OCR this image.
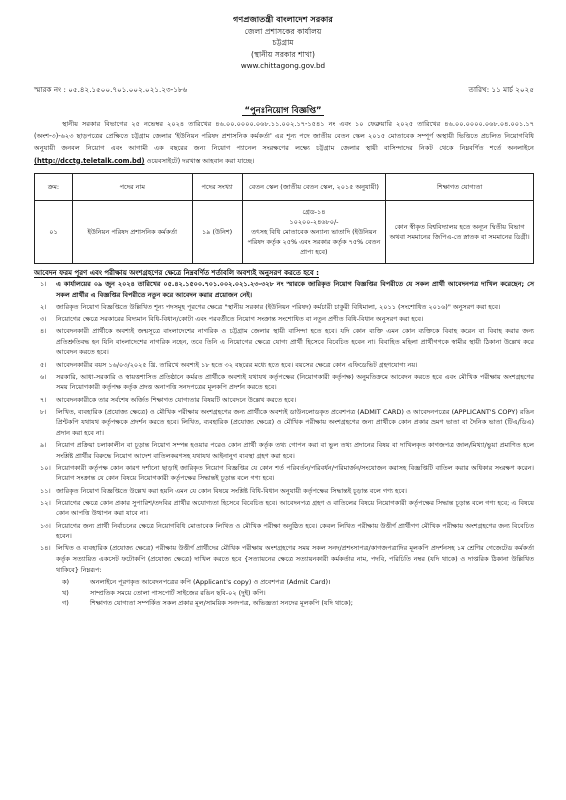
গণপ্রজাতন্ত্রী বাংলাদেশ সরকার
জেলা প্রশাসকের কার্যালয়
চট্টগ্রাম
(স্থানীয় সরকার শাখা)
www.chittagong.gov.bd
স্মারক নং : ০৫.৪২.১৫০০.৭০১.০০২.০২১.২৩-১৮৬	তারিখ: ১১ মার্চ ২০২৫
“পুনঃনিয়োগ বিজ্ঞপ্তি”
স্থানীয় সরকার বিভাগের ২৫ নভেম্বর ২০২৪ তারিখের ৪৬.০০.০০০০.০৬৮.১১.০০২.১৭-১৫৪১ নং এবং ১০ ফেব্রুয়ারি ২০২৫ তারিখের ৪৬.০০.০০০০.০৬৮.০৪.০০১.১৭ (অংশ-৩)-৬২৩ ছাড়পত্রের প্রেক্ষিতে চট্টগ্রাম জেলার 'ইউনিয়ন পরিষদ প্রশাসনিক কর্মকর্তা' এর শূন্য পদে জাতীয় বেতন স্কেল ২০১৫ মোতাবেক সম্পূর্ণ অস্থায়ী ভিত্তিতে প্রচলিত নিয়োগবিধি অনুযায়ী জনবল নিয়োগ এবং আগামী এক বছরের জন্য নিয়োগ প্যানেল সংরক্ষণের লক্ষ্যে চট্টগ্রাম জেলার স্থায়ী বাসিন্দাদের নিকট থেকে নিম্নবর্ণিত শর্তে অনলাইনে (http://dcctg.teletalk.com.bd) ওয়েবসাইটে) দরখাস্ত আহবান করা যাচ্ছে।
ক্রম:	পদের নাম	পদের সংখ্যা	বেতন স্কেল (জাতীয় বেতন স্কেল, ২০১৫ অনুযায়ী)	শিক্ষাগত যোগ্যতা
০১	ইউনিয়ন পরিষদ প্রশাসনিক কর্মকর্তা	১৯ (উনিশ)	গ্রেড-১৪
১০২০০-২৪৬৮০/-
তৎসহ বিধি মোতাবেক অন্যান্য ভাতাদি (ইউনিয়ন পরিষদ কর্তৃক ২৫% এবং সরকার কর্তৃক ৭৫% বেতন প্রাপ্য হবে)	কোন স্বীকৃত বিশ্ববিদ্যালয় হতে অন্যূন দ্বিতীয় বিভাগ অথবা সমমানের জিপিএ-তে স্নাতক বা সমমানের ডিগ্রী।
আবেদন ফরম পূরণ এবং পরীক্ষায় অংশগ্রহণের ক্ষেত্রে নিম্নবর্ণিত শর্তাবলি অবশ্যই অনুসরণ করতে হবে :
১।	এ কার্যালয়ের ০৯ জুন ২০২৪ তারিখের ০৫.৪২.১৫০০.৭০১.০০২.০২১.২৩-৩২৮ নং স্মারকে জারিকৃত নিয়োগ বিজ্ঞপ্তির বিপরীতে যে সকল প্রার্থী আবেদনপত্র দাখিল করেছেন; সে সকল প্রার্থীর এ বিজ্ঞপ্তির বিপরীতে নতুন করে আবেদন করার প্রয়োজন নেই।
২।	জারিকৃত নিয়োগ বিজ্ঞপ্তিতে উল্লিখিত শূন্য পদসমূহ পূরণের ক্ষেত্রে "স্থানীয় সরকার (ইউনিয়ন পরিষদ) কর্মচারী চাকুরী বিধিমালা, ২০১১ (সংশোধিত ২০১৬)" অনুসরণ করা হবে।
৩।	নিয়োগের ক্ষেত্রে সরকারের বিদ্যমান বিধি-বিধান/কোটা এবং পরবর্তীতে নিয়োগ সংক্রান্ত সংশোধিত বা নতুন প্রণীত বিধি-বিধান অনুসরণ করা হবে।
৪।	আবেদনকারী প্রার্থীকে অবশ্যই জন্মসূত্রে বাংলাদেশের নাগরিক ও চট্টগ্রাম জেলার স্থায়ী বাসিন্দা হতে হবে। যদি কোন ব্যক্তি এমন কোন ব্যক্তিকে বিবাহ করেন বা বিবাহ করার জন্য প্রতিশ্রুতিবদ্ধ হন যিনি বাংলাদেশের নাগরিক নহেন, তবে তিনি এ নিয়োগের ক্ষেত্রে যোগ্য প্রার্থী হিসেবে বিবেচিত হবেন না। বিবাহিত মহিলা প্রার্থীগণকে স্বামীর স্থায়ী ঠিকানা উল্লেখ করে আবেদন করতে হবে।
৫।	আবেদনকারীর বয়স ১৬/০৩/২০২৫ খ্রি. তারিখে অবশ্যই ১৮ হতে ৩২ বছরের মধ্যে হতে হবে। বয়সের ক্ষেত্রে কোন এফিডেভিট গ্রহণযোগ্য নয়।
৬।	সরকারি, আধা-সরকারি ও স্বায়ত্তশাসিত প্রতিষ্ঠানে কর্মরত প্রার্থীকে অবশ্যই যথাযথ কর্তৃপক্ষের (নিয়োগকারী কর্তৃপক্ষ) অনুমতিক্রমে আবেদন করতে হবে এবং মৌখিক পরীক্ষায় অংশগ্রহণের সময় নিয়োগকারী কর্তৃপক্ষ কর্তৃক প্রদত্ত অনাপত্তি সনদপত্রের মূলকপি প্রদর্শন করতে হবে।
৭।	আবেদনকারীকে তার সর্বশেষ অর্জিত শিক্ষাগত যোগ্যতার বিষয়টি আবেদনে উল্লেখ করতে হবে।
৮।	লিখিত, ব্যবহারিক (প্রযোজ্য ক্ষেত্রে) ও মৌখিক পরীক্ষায় অংশগ্রহণের জন্য প্রার্থীকে অবশ্যই ডাউনলোডকৃত প্রবেশপত্র (ADMIT CARD) ও আবেদনপত্রের (APPLICANT'S COPY) রঙিন প্রিন্টকপি যথাযথ কর্তৃপক্ষকে প্রদর্শন করতে হবে। লিখিত, ব্যবহারিক (প্রযোজ্য ক্ষেত্রে) ও মৌখিক পরীক্ষায় অংশগ্রহণের জন্য প্রার্থীকে কোন প্রকার ভ্রমণ ভাতা বা দৈনিক ভাতা (টিএ/ডিএ) প্রদান করা হবে না।
৯।	নিয়োগ প্রক্রিয়া চলাকালীন বা চূড়ান্ত নিয়োগ সম্পন্ন হওয়ার পরেও কোন প্রার্থী কর্তৃক তথ্য গোপন করা বা ভুল তথ্য প্রদানের বিষয় বা দাখিলকৃত কাগজপত্র জাল/মিথ্যা/ভুয়া প্রমাণিত হলে সংশ্লিষ্ট প্রার্থীর বিরুদ্ধে নিয়োগ আদেশ বাতিলকরণসহ যথাযথ আইনানুগ ব্যবস্থা গ্রহণ করা হবে।
১০। নিয়োগকারী কর্তৃপক্ষ কোন কারণ দর্শানো ছাড়াই জারিকৃত নিয়োগ বিজ্ঞপ্তির যে কোন শর্ত পরিবর্তন/পরিবর্ধন/পরিমার্জন/সংযোজন করাসহ বিজ্ঞপ্তিটি বাতিল করার অধিকার সংরক্ষণ করেন। নিয়োগ সংক্রান্ত যে কোন বিষয়ে নিয়োগকারী কর্তৃপক্ষের সিদ্ধান্তই চূড়ান্ত বলে গণ্য হবে।
১১। জারিকৃত নিয়োগ বিজ্ঞপ্তিতে উল্লেখ করা হয়নি এমন যে কোন বিষয়ে সংশ্লিষ্ট বিধি-বিধান অনুযায়ী কর্তৃপক্ষের সিদ্ধান্তই চূড়ান্ত বলে গণ্য হবে।
১২। নিয়োগের ক্ষেত্রে কোন প্রকার সুপারিশ/তদবির প্রার্থীর অযোগ্যতা হিসেবে বিবেচিত হবে। আবেদনপত্র গ্রহণ ও বাতিলের বিষয়ে নিয়োগকারী কর্তৃপক্ষের সিদ্ধান্ত চূড়ান্ত বলে গণ্য হবে; এ বিষয়ে কোন আপত্তি উত্থাপন করা যাবে না।
১৩। নিয়োগের জন্য প্রার্থী নির্বাচনের ক্ষেত্রে নিয়োগবিধি মোতাবেক লিখিত ও মৌখিক পরীক্ষা অনুষ্ঠিত হবে। কেবল লিখিত পরীক্ষায় উত্তীর্ণ প্রার্থীগণ মৌখিক পরীক্ষায় অংশগ্রহণের জন্য বিবেচিত হবেন।
১৪। লিখিত ও ব্যবহারিক (প্রযোজ্য ক্ষেত্রে) পরীক্ষায় উত্তীর্ণ প্রার্থীদের মৌখিক পরীক্ষায় অংশগ্রহণের সময় সকল সনদ/প্রশংসাপত্র/কাগজপত্রাদির মূলকপি প্রদর্শনসহ ১ম শ্রেণির গেজেটেড কর্মকর্তা কর্তৃক সত্যায়িত একসেট ফটোকপি (প্রযোজ্য ক্ষেত্রে) দাখিল করতে হবে {সত্যায়নের ক্ষেত্রে সত্যায়নকারী কর্মকর্তার নাম, পদবি, পরিচিতি নম্বর (যদি থাকে) ও দাপ্তরিক ঠিকানা উল্লিখিত থাকিবে} নিম্নরূপ:
ক)	অনলাইনে পূরণকৃত আবেদনপত্রের কপি (Applicant's copy) ও প্রবেশপত্র (Admit Card)।
খ)	সাম্প্রতিক সময়ে তোলা পাসপোর্ট সাইজের রঙিন ছবি-০২ (দুই) কপি।
গ)	শিক্ষাগত যোগ্যতা সম্পর্কিত সকল প্রকার মূল/সাময়িক সনদপত্র, অভিজ্ঞতা সনদের মূলকপি (যদি থাকে);
